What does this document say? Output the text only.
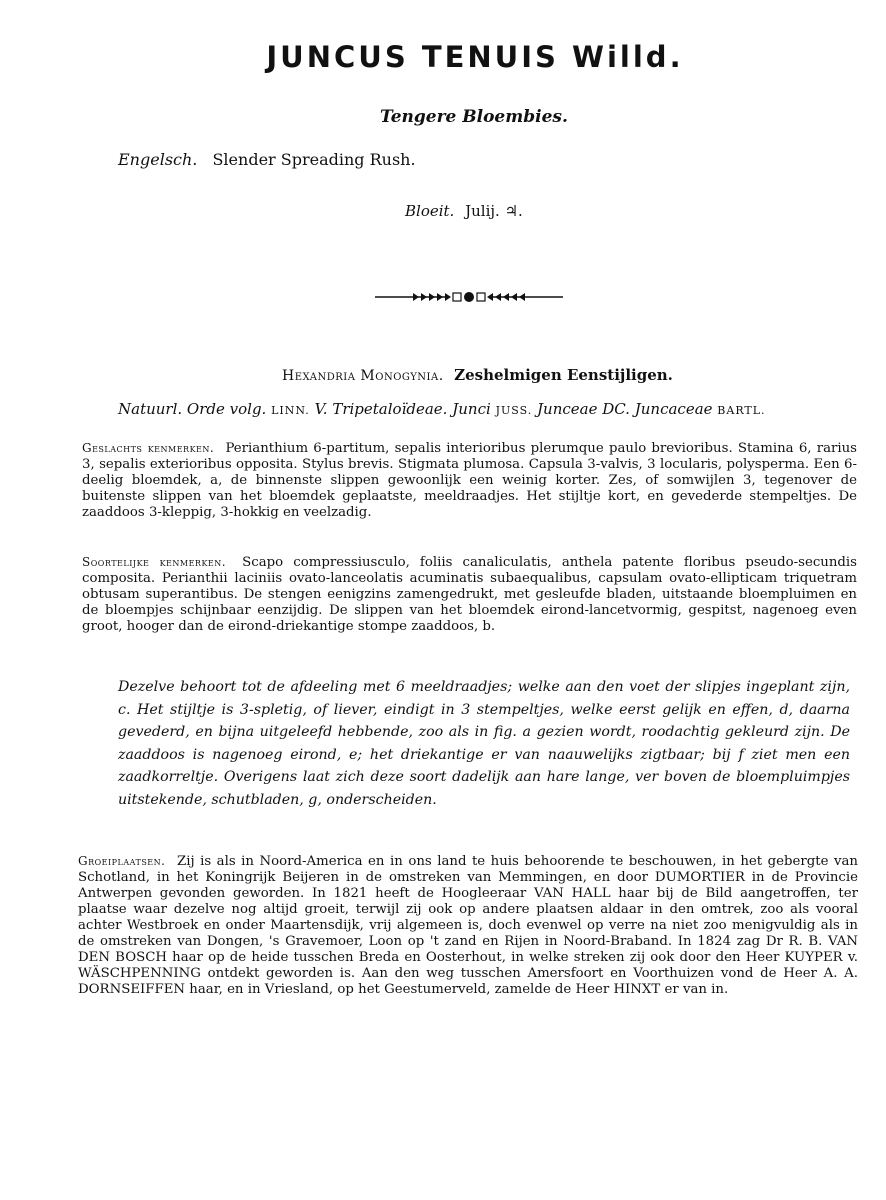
JUNCUS TENUIS Willd.
Tengere Bloembies.
Engelsch. Slender Spreading Rush.
Bloeit. Julij. ♃.
Hexandria Monogynia. Zeshelmigen Eenstijligen.
Natuurl. Orde volg. LINN. V. Tripetaloïdeae. Junci JUSS. Junceae DC. Juncaceae BARTL.
Geslachts kenmerken. Perianthium 6-partitum, sepalis interioribus plerumque paulo brevioribus. Stamina 6, rarius 3, sepalis exterioribus opposita. Stylus brevis. Stigmata plumosa. Capsula 3-valvis, 3 locularis, polysperma. Een 6-deelig bloemdek, a, de binnenste slippen gewoonlijk een weinig korter. Zes, of somwijlen 3, tegenover de buitenste slippen van het bloemdek geplaatste, meeldraadjes. Het stijltje kort, en gevederde stempeltjes. De zaaddoos 3-kleppig, 3-hokkig en veelzadig.
Soortelijke kenmerken. Scapo compressiusculo, foliis canaliculatis, anthela patente floribus pseudo-secundis composita. Perianthii laciniis ovato-lanceolatis acuminatis subaequalibus, capsulam ovato-ellipticam triquetram obtusam superantibus. De stengen eenigzins zamengedrukt, met gesleufde bladen, uitstaande bloempluimen en de bloempjes schijnbaar eenzijdig. De slippen van het bloemdek eirond-lancetvormig, gespitst, nagenoeg even groot, hooger dan de eirond-driekantige stompe zaaddoos, b.
Dezelve behoort tot de afdeeling met 6 meeldraadjes; welke aan den voet der slipjes ingeplant zijn, c. Het stijltje is 3-spletig, of liever, eindigt in 3 stempeltjes, welke eerst gelijk en effen, d, daarna gevederd, en bijna uitgeleefd hebbende, zoo als in fig. a gezien wordt, roodachtig gekleurd zijn. De zaaddoos is nagenoeg eirond, e; het driekantige er van naauwelijks zigtbaar; bij f ziet men een zaadkorreltje. Overigens laat zich deze soort dadelijk aan hare lange, ver boven de bloempluimpjes uitstekende, schutbladen, g, onderscheiden.
Groeiplaatsen. Zij is als in Noord-America en in ons land te huis behoorende te beschouwen, in het gebergte van Schotland, in het Koningrijk Beijeren in de omstreken van Memmingen, en door DUMORTIER in de Provincie Antwerpen gevonden geworden. In 1821 heeft de Hoogleeraar VAN HALL haar bij de Bild aangetroffen, ter plaatse waar dezelve nog altijd groeit, terwijl zij ook op andere plaatsen aldaar in den omtrek, zoo als vooral achter Westbroek en onder Maartensdijk, vrij algemeen is, doch evenwel op verre na niet zoo menigvuldig als in de omstreken van Dongen, 's Gravemoer, Loon op 't zand en Rijen in Noord-Braband. In 1824 zag Dr R. B. VAN DEN BOSCH haar op de heide tusschen Breda en Oosterhout, in welke streken zij ook door den Heer KUYPER v. WÄSCHPENNING ontdekt geworden is. Aan den weg tusschen Amersfoort en Voorthuizen vond de Heer A. A. DORNSEIFFEN haar, en in Vriesland, op het Geestumerveld, zamelde de Heer HINXT er van in.
